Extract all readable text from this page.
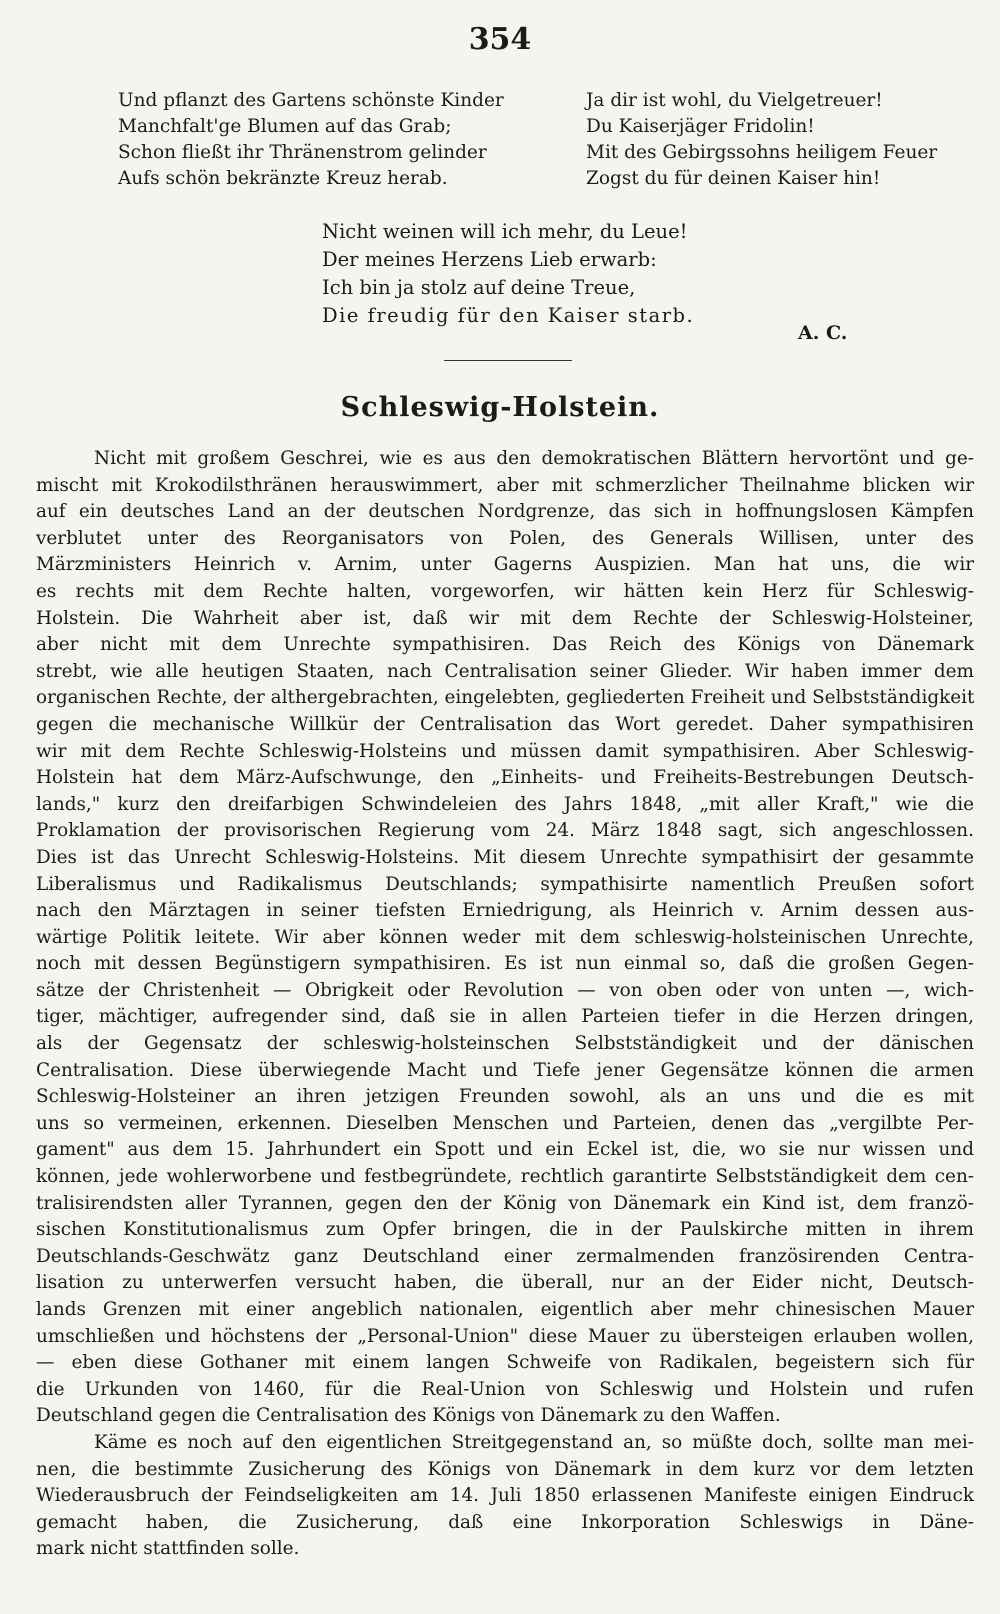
354
Und pflanzt des Gartens schönste Kinder
Manchfalt'ge Blumen auf das Grab;
Schon fließt ihr Thränenstrom gelinder
Aufs schön bekränzte Kreuz herab.
Ja dir ist wohl, du Vielgetreuer!
Du Kaiserjäger Fridolin!
Mit des Gebirgssohns heiligem Feuer
Zogst du für deinen Kaiser hin!
Nicht weinen will ich mehr, du Leue!
Der meines Herzens Lieb erwarb:
Ich bin ja stolz auf deine Treue,
Die freudig für den Kaiser starb.
A. C.
Schleswig-Holstein.
Nicht mit großem Geschrei, wie es aus den demokratischen Blättern hervortönt und ge-
mischt mit Krokodilsthränen herauswimmert, aber mit schmerzlicher Theilnahme blicken wir
auf ein deutsches Land an der deutschen Nordgrenze, das sich in hoffnungslosen Kämpfen
verblutet unter des Reorganisators von Polen, des Generals Willisen, unter des
Märzministers Heinrich v. Arnim, unter Gagerns Auspizien. Man hat uns, die wir
es rechts mit dem Rechte halten, vorgeworfen, wir hätten kein Herz für Schleswig-
Holstein. Die Wahrheit aber ist, daß wir mit dem Rechte der Schleswig-Holsteiner,
aber nicht mit dem Unrechte sympathisiren. Das Reich des Königs von Dänemark
strebt, wie alle heutigen Staaten, nach Centralisation seiner Glieder. Wir haben immer dem
organischen Rechte, der althergebrachten, eingelebten, gegliederten Freiheit und Selbstständigkeit
gegen die mechanische Willkür der Centralisation das Wort geredet. Daher sympathisiren
wir mit dem Rechte Schleswig-Holsteins und müssen damit sympathisiren. Aber Schleswig-
Holstein hat dem März-Aufschwunge, den „Einheits- und Freiheits-Bestrebungen Deutsch-
lands," kurz den dreifarbigen Schwindeleien des Jahrs 1848, „mit aller Kraft," wie die
Proklamation der provisorischen Regierung vom 24. März 1848 sagt, sich angeschlossen.
Dies ist das Unrecht Schleswig-Holsteins. Mit diesem Unrechte sympathisirt der gesammte
Liberalismus und Radikalismus Deutschlands; sympathisirte namentlich Preußen sofort
nach den Märztagen in seiner tiefsten Erniedrigung, als Heinrich v. Arnim dessen aus-
wärtige Politik leitete. Wir aber können weder mit dem schleswig-holsteinischen Unrechte,
noch mit dessen Begünstigern sympathisiren. Es ist nun einmal so, daß die großen Gegen-
sätze der Christenheit — Obrigkeit oder Revolution — von oben oder von unten —, wich-
tiger, mächtiger, aufregender sind, daß sie in allen Parteien tiefer in die Herzen dringen,
als der Gegensatz der schleswig-holsteinschen Selbstständigkeit und der dänischen
Centralisation. Diese überwiegende Macht und Tiefe jener Gegensätze können die armen
Schleswig-Holsteiner an ihren jetzigen Freunden sowohl, als an uns und die es mit
uns so vermeinen, erkennen. Dieselben Menschen und Parteien, denen das „vergilbte Per-
gament" aus dem 15. Jahrhundert ein Spott und ein Eckel ist, die, wo sie nur wissen und
können, jede wohlerworbene und festbegründete, rechtlich garantirte Selbstständigkeit dem cen-
tralisirendsten aller Tyrannen, gegen den der König von Dänemark ein Kind ist, dem franzö-
sischen Konstitutionalismus zum Opfer bringen, die in der Paulskirche mitten in ihrem
Deutschlands-Geschwätz ganz Deutschland einer zermalmenden französirenden Centra-
lisation zu unterwerfen versucht haben, die überall, nur an der Eider nicht, Deutsch-
lands Grenzen mit einer angeblich nationalen, eigentlich aber mehr chinesischen Mauer
umschließen und höchstens der „Personal-Union" diese Mauer zu übersteigen erlauben wollen,
— eben diese Gothaner mit einem langen Schweife von Radikalen, begeistern sich für
die Urkunden von 1460, für die Real-Union von Schleswig und Holstein und rufen
Deutschland gegen die Centralisation des Königs von Dänemark zu den Waffen.
Käme es noch auf den eigentlichen Streitgegenstand an, so müßte doch, sollte man mei-
nen, die bestimmte Zusicherung des Königs von Dänemark in dem kurz vor dem letzten
Wiederausbruch der Feindseligkeiten am 14. Juli 1850 erlassenen Manifeste einigen Eindruck
gemacht haben, die Zusicherung, daß eine Inkorporation Schleswigs in Däne-
mark nicht stattfinden solle.
